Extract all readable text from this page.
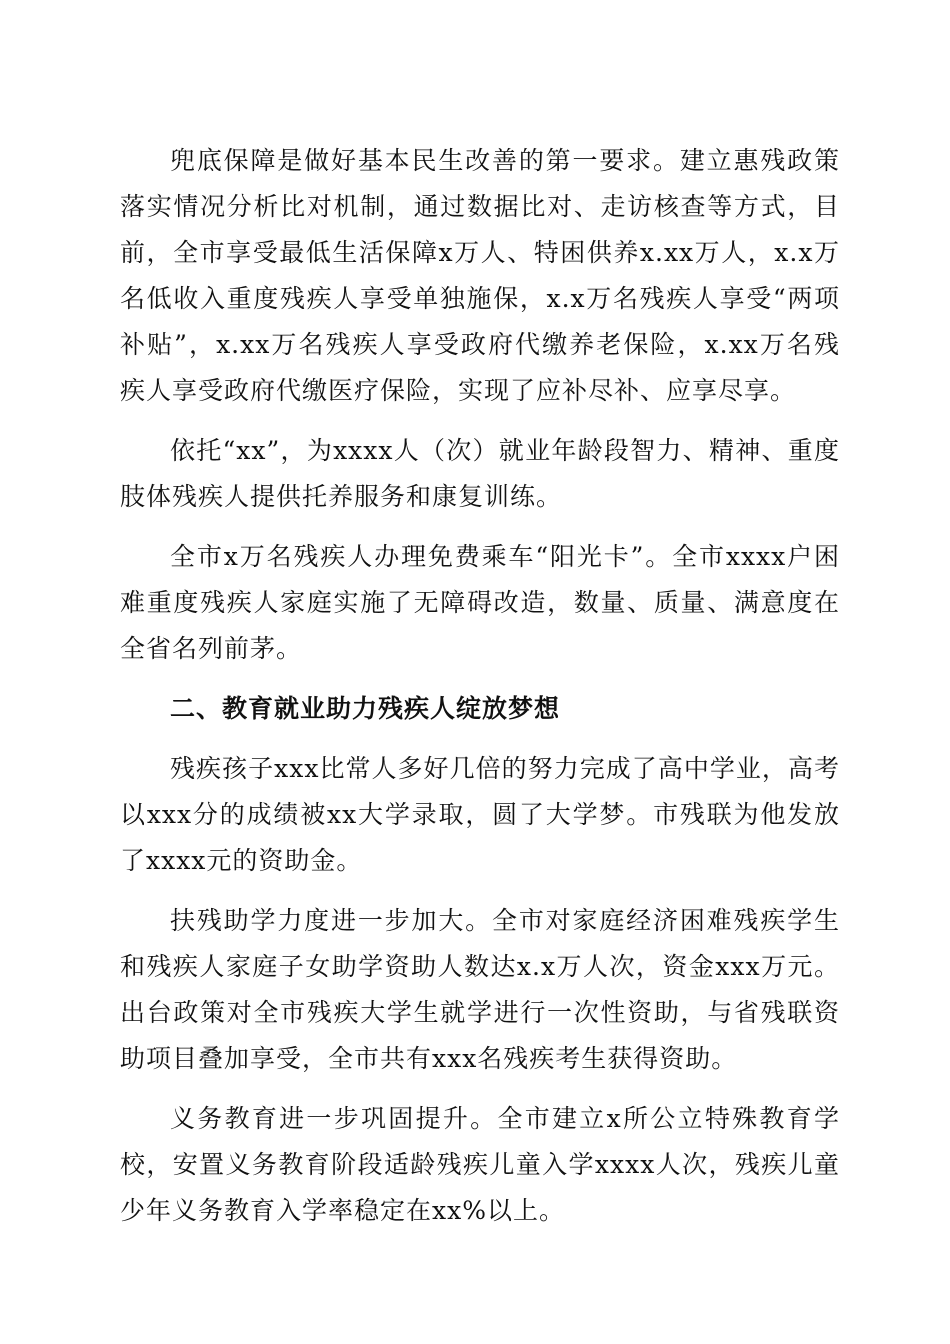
兜底保障是做好基本民生改善的第一要求。建立惠残政策落实情况分析比对机制，通过数据比对、走访核查等方式，目前，全市享受最低生活保障x万人、特困供养x.xx万人，x.x万名低收入重度残疾人享受单独施保，x.x万名残疾人享受“两项补贴”，x.xx万名残疾人享受政府代缴养老保险，x.xx万名残疾人享受政府代缴医疗保险，实现了应补尽补、应享尽享。

依托“xx”，为xxxx人（次）就业年龄段智力、精神、重度肢体残疾人提供托养服务和康复训练。

全市x万名残疾人办理免费乘车“阳光卡”。全市xxxx户困难重度残疾人家庭实施了无障碍改造，数量、质量、满意度在全省名列前茅。

二、教育就业助力残疾人绽放梦想

残疾孩子xxx比常人多好几倍的努力完成了高中学业，高考以xxx分的成绩被xx大学录取，圆了大学梦。市残联为他发放了xxxx元的资助金。

扶残助学力度进一步加大。全市对家庭经济困难残疾学生和残疾人家庭子女助学资助人数达x.x万人次，资金xxx万元。出台政策对全市残疾大学生就学进行一次性资助，与省残联资助项目叠加享受，全市共有xxx名残疾考生获得资助。

义务教育进一步巩固提升。全市建立x所公立特殊教育学校，安置义务教育阶段适龄残疾儿童入学xxxx人次，残疾儿童少年义务教育入学率稳定在xx%以上。
